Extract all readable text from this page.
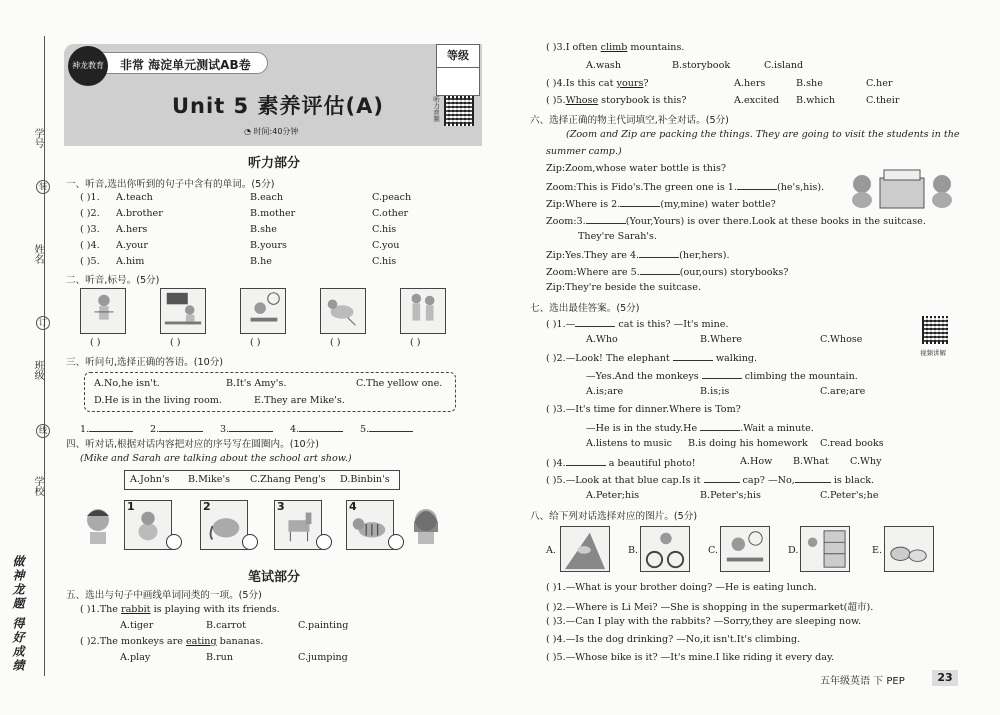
学号
装
姓名
订
班级
线
学校
做神龙题 得好成绩
神龙教育	非常 海淀单元测试AB卷
Unit 5 素养评估(A)
◔ 时间:40分钟
等级
听力音频
听力部分
一、听音,选出你听到的句子中含有的单词。(5分)
( )1. A.teach	B.each	C.peach
( )2. A.brother	B.mother	C.other
( )3. A.hers	B.she	C.his
( )4. A.your	B.yours	C.you
( )5. A.him	B.he	C.his
二、听音,标号。(5分)
( )	( )	( )	( )	( )
三、听问句,选择正确的答语。(10分)
A.No,he isn't.	B.It's Amy's.	C.The yellow one.
D.He is in the living room.	E.They are Mike's.
1.	2.	3.	4.	5.
四、听对话,根据对话内容把对应的序号写在圆圈内。(10分)
(Mike and Sarah are talking about the school art show.)
A.John's B.Mike's C.Zhang Peng's D.Binbin's
1	2	3	4
笔试部分
五、选出与句子中画线单词同类的一项。(5分)
( )1.The rabbit is playing with its friends.
A.tiger	B.carrot	C.painting
( )2.The monkeys are eating bananas.
A.play	B.run	C.jumping
( )3.I often climb mountains.
A.wash	B.storybook	C.island
( )4.Is this cat yours?	A.hers	B.she	C.her
( )5.Whose storybook is this?	A.excited B.which	C.their
六、选择正确的物主代词填空,补全对话。(5分)
(Zoom and Zip are packing the things. They are going to visit the students in the
summer camp.)
Zip:Zoom,whose water bottle is this?
Zoom:This is Fido's.The green one is 1.	(he's,his).
Zip:Where is 2.	(my,mine) water bottle?
Zoom:3.	(Your,Yours) is over there.Look at these books in the suitcase.
They're Sarah's.
Zip:Yes.They are 4.	(her,hers).
Zoom:Where are 5.	(our,ours) storybooks?
Zip:They're beside the suitcase.
七、选出最佳答案。(5分)
视频讲解
( )1.—	cat is this? —It's mine.
A.Who	B.Where	C.Whose
( )2.—Look! The elephant	walking.
—Yes.And the monkeys	climbing the mountain.
A.is;are	B.is;is	C.are;are
( )3.—It's time for dinner.Where is Tom?
—He is in the study.He	.Wait a minute.
A.listens to music B.is doing his homework C.read books
( )4.	a beautiful photo!	A.How B.What C.Why
( )5.—Look at that blue cap.Is it	cap? —No,	is black.
A.Peter;his	B.Peter's;his	C.Peter's;he
八、给下列对话选择对应的图片。(5分)
A.	B.	C.	D.	E.
( )1.—What is your brother doing? —He is eating lunch.
( )2.—Where is Li Mei? —She is shopping in the supermarket(超市).
( )3.—Can I play with the rabbits? —Sorry,they are sleeping now.
( )4.—Is the dog drinking? —No,it isn't.It's climbing.
( )5.—Whose bike is it? —It's mine.I like riding it every day.
五年级英语 下 PEP	23
